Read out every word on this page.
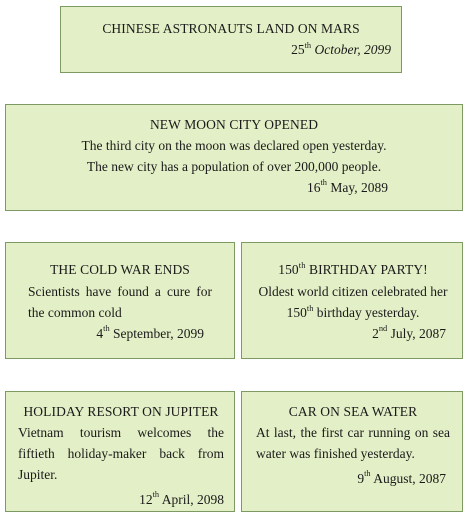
CHINESE ASTRONAUTS LAND ON MARS

25th October, 2099

NEW MOON CITY OPENED

The third city on the moon was declared open yesterday.

The new city has a population of over 200,000 people.

16th May, 2089

THE COLD WAR ENDS

Scientists have found a cure for the common cold

4th September, 2099

150th BIRTHDAY PARTY!

Oldest world citizen celebrated her 150th birthday yesterday.

2nd July, 2087

HOLIDAY RESORT ON JUPITER

Vietnam tourism welcomes the fiftieth holiday-maker back from Jupiter.

12th April, 2098

CAR ON SEA WATER

At last, the first car running on sea water was finished yesterday.

9th August, 2087
